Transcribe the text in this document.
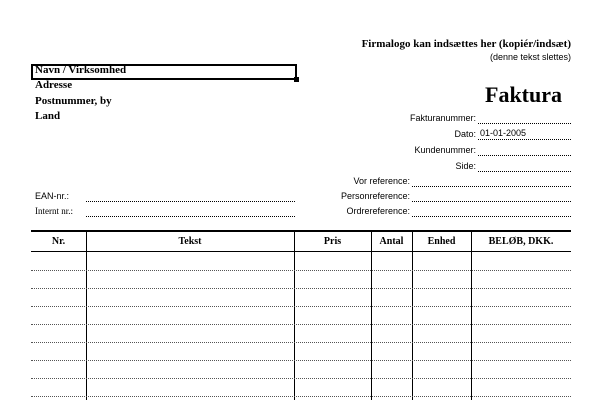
Firmalogo kan indsættes her (kopiér/indsæt)
(denne tekst slettes)
Navn / Virksomhed
Adresse
Postnummer, by
Land
Faktura
Fakturanummer:
Dato: 01-01-2005
Kundenummer:
Side:
Vor reference:
Personreference:
Ordrereference:
EAN-nr.:
Internt nr.:
Nr.	Tekst	Pris	Antal	Enhed	BELØB, DKK.
